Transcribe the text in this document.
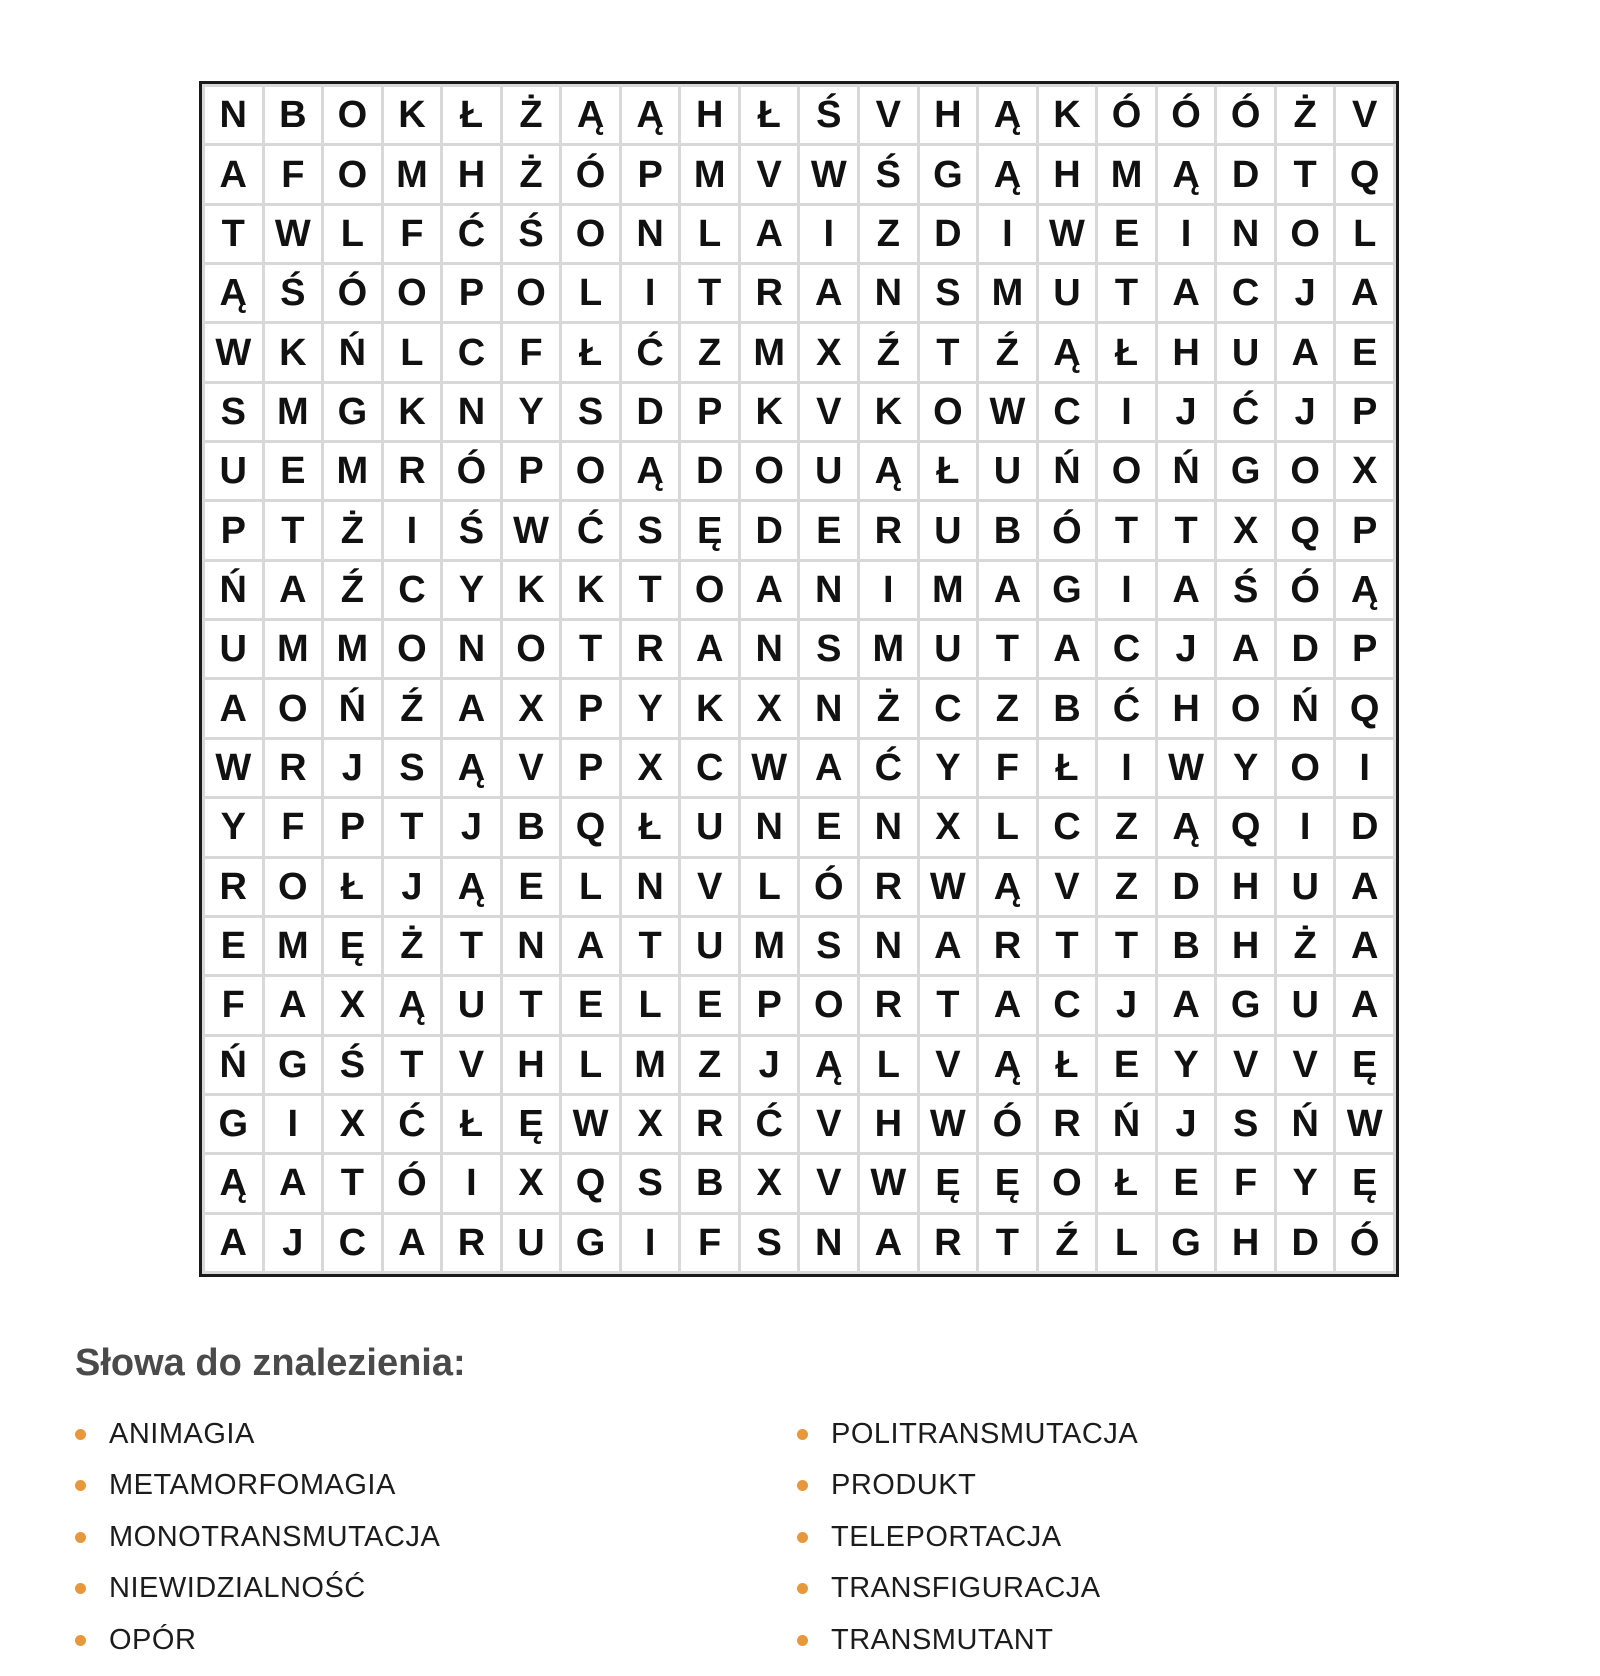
N B O K Ł Ż Ą Ą H Ł Ś V H Ą K Ó Ó Ó Ż V
A F O M H Ż Ó P M V W Ś G Ą H M Ą D T Q
T W L F Ć Ś O N L A	I	Z D	I W E	I	N O L
Ą Ś Ó O P O L	I	T R A N S M U T A C J A
W K Ń L C F Ł Ć Z M X Ź T Ź Ą Ł H U A E
S M G K N Y S D P K V K O W C	I	J Ć J P
U E M R Ó P O Ą D O U Ą Ł U Ń O Ń G O X
P T Ż	I	Ś W Ć S Ę D E R U B Ó T T X Q P
Ń A Ź C Y K K T O A N	I	M A G	I	A Ś Ó Ą
U M M O N O T R A N S M U T A C J A D P
A O Ń Ź A X P Y K X N Ż C Z B Ć H O Ń Q
W R J S Ą V P X C W A Ć Y F Ł	I W Y O	I
Y F P T J B Q Ł U N E N X L C Z Ą Q	I	D
R O Ł J Ą E L N V L Ó R W Ą V Z D H U A
E M Ę Ż T N A T U M S N A R T T B H Ż A
F A X Ą U T E L E P O R T A C J A G U A
Ń G Ś T V H L M Z J Ą L V Ą Ł E Y V V Ę
G	I	X Ć Ł Ę W X R Ć V H W Ó R Ń J S Ń W
Ą A T Ó	I	X Q S B X V W Ę Ę O Ł E F Y Ę
A J C A R U G	I	F S N A R T Ź L G H D Ó
Słowa do znalezienia:
ANIMAGIA
METAMORFOMAGIA
MONOTRANSMUTACJA
NIEWIDZIALNOŚĆ
OPÓR
POLITRANSMUTACJA
PRODUKT
TELEPORTACJA
TRANSFIGURACJA
TRANSMUTANT
